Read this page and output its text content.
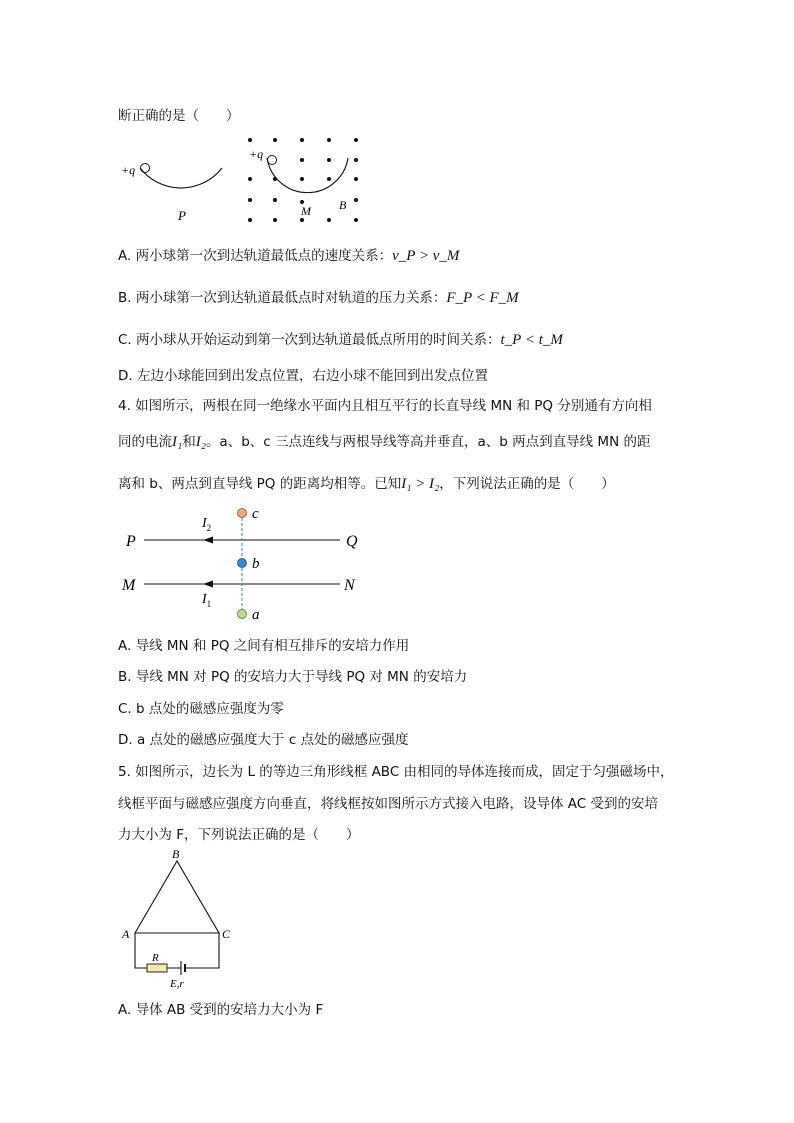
断正确的是（　　）
+q
P
+q
M B
A. 两小球第一次到达轨道最低点的速度关系：v_P > v_M
B. 两小球第一次到达轨道最低点时对轨道的压力关系：F_P < F_M
C. 两小球从开始运动到第一次到达轨道最低点所用的时间关系：t_P < t_M
D. 左边小球能回到出发点位置，右边小球不能回到出发点位置
4. 如图所示，两根在同一绝缘水平面内且相互平行的长直导线 MN 和 PQ 分别通有方向相
同的电流I₁和I₂。a、b、c 三点连线与两根导线等高并垂直，a、b 两点到直导线 MN 的距
离和 b、两点到直导线 PQ 的距离均相等。已知I₁ > I₂，下列说法正确的是（　　）
P	Q
$I_2$
M	N
$I_1$
c
b
a
A. 导线 MN 和 PQ 之间有相互排斥的安培力作用
B. 导线 MN 对 PQ 的安培力大于导线 PQ 对 MN 的安培力
C. b 点处的磁感应强度为零
D. a 点处的磁感应强度大于 c 点处的磁感应强度
5. 如图所示，边长为 L 的等边三角形线框 ABC 由相同的导体连接而成，固定于匀强磁场中，
线框平面与磁感应强度方向垂直，将线框按如图所示方式接入电路，设导体 AC 受到的安培
力大小为 F，下列说法正确的是（　　）
B
A	C
R
E,r
A. 导体 AB 受到的安培力大小为 F
